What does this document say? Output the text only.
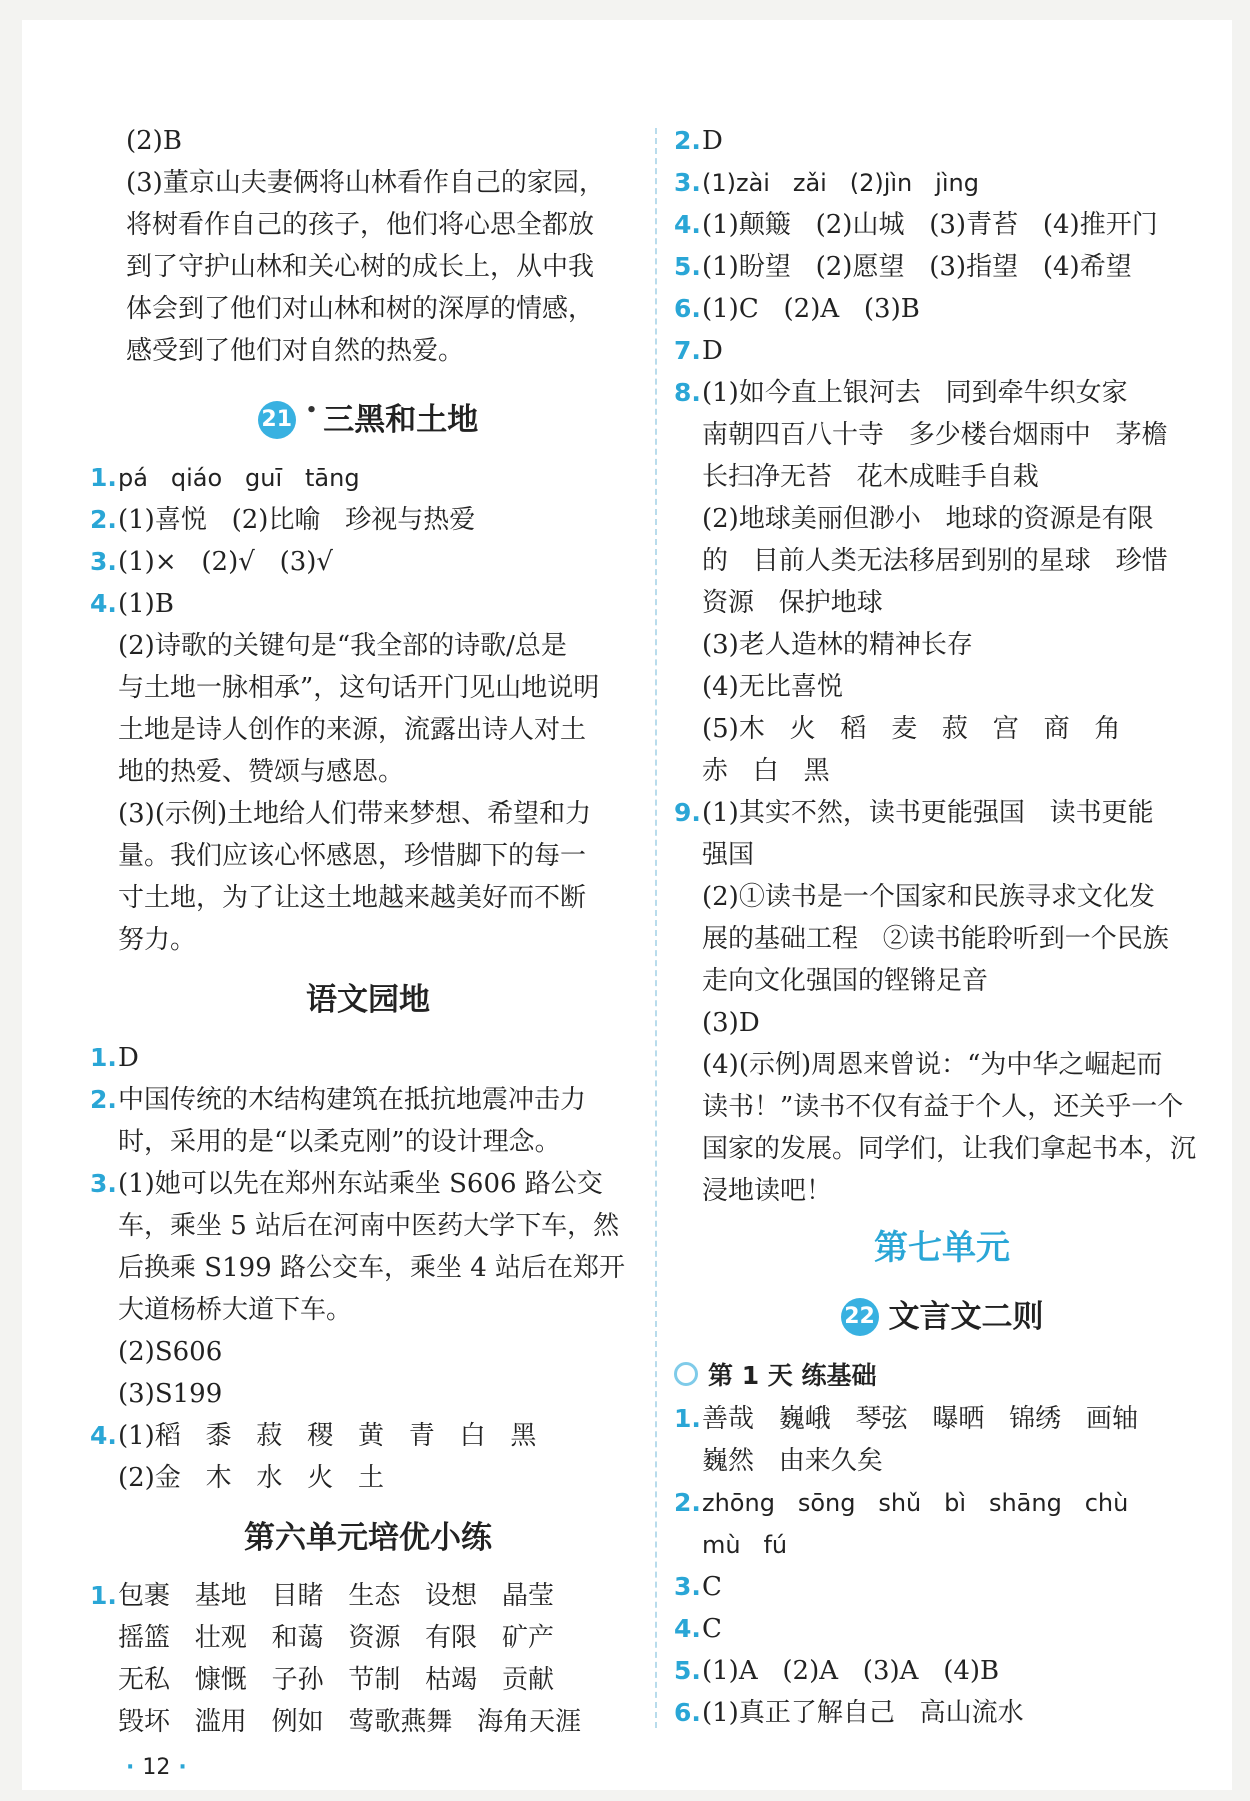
(2)B
(3)董京山夫妻俩将山林看作自己的家园，
将树看作自己的孩子，他们将心思全都放
到了守护山林和关心树的成长上，从中我
体会到了他们对山林和树的深厚的情感，
感受到了他们对自然的热爱。
21 • 三黑和土地
1. pá   qiáo   guī   tāng
2. (1)喜悦   (2)比喻   珍视与热爱
3. (1)×   (2)√   (3)√
4. (1)B
(2)诗歌的关键句是“我全部的诗歌/总是
与土地一脉相承”，这句话开门见山地说明
土地是诗人创作的来源，流露出诗人对土
地的热爱、赞颂与感恩。
(3)(示例)土地给人们带来梦想、希望和力
量。我们应该心怀感恩，珍惜脚下的每一
寸土地，为了让这土地越来越美好而不断
努力。
语文园地
1. D
2. 中国传统的木结构建筑在抵抗地震冲击力
时，采用的是“以柔克刚”的设计理念。
3. (1)她可以先在郑州东站乘坐 S606 路公交
车，乘坐 5 站后在河南中医药大学下车，然
后换乘 S199 路公交车，乘坐 4 站后在郑开
大道杨桥大道下车。
(2)S606
(3)S199
4. (1)稻   黍   菽   稷   黄   青   白   黑
(2)金   木   水   火   土
第六单元培优小练
1. 包裹   基地   目睹   生态   设想   晶莹
摇篮   壮观   和蔼   资源   有限   矿产
无私   慷慨   子孙   节制   枯竭   贡献
毁坏   滥用   例如   莺歌燕舞   海角天涯
2. D
3. (1)zài   zǎi   (2)jìn   jìng
4. (1)颠簸   (2)山城   (3)青苔   (4)推开门
5. (1)盼望   (2)愿望   (3)指望   (4)希望
6. (1)C   (2)A   (3)B
7. D
8. (1)如今直上银河去   同到牵牛织女家
南朝四百八十寺   多少楼台烟雨中   茅檐
长扫净无苔   花木成畦手自栽
(2)地球美丽但渺小   地球的资源是有限
的   目前人类无法移居到别的星球   珍惜
资源   保护地球
(3)老人造林的精神长存
(4)无比喜悦
(5)木   火   稻   麦   菽   宫   商   角
赤   白   黑
9. (1)其实不然，读书更能强国   读书更能
强国
(2)①读书是一个国家和民族寻求文化发
展的基础工程   ②读书能聆听到一个民族
走向文化强国的铿锵足音
(3)D
(4)(示例)周恩来曾说：“为中华之崛起而
读书！”读书不仅有益于个人，还关乎一个
国家的发展。同学们，让我们拿起书本，沉
浸地读吧！
第七单元
22 文言文二则
第 1 天 练基础
1. 善哉   巍峨   琴弦   曝晒   锦绣   画轴
巍然   由来久矣
2. zhōng   sōng   shǔ   bì   shāng   chù
mù   fú
3. C
4. C
5. (1)A   (2)A   (3)A   (4)B
6. (1)真正了解自己   高山流水
· 12 ·
